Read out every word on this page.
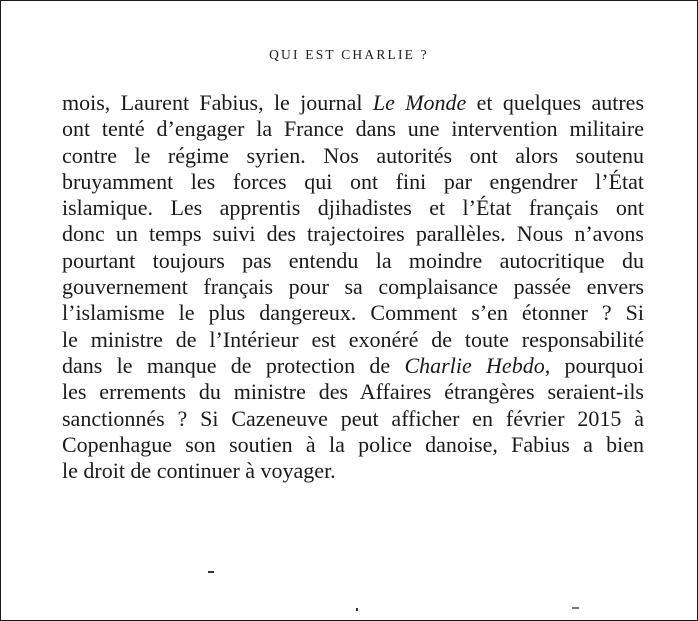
QUI EST CHARLIE ?
mois, Laurent Fabius, le journal Le Monde et quelques autres
ont tenté d’engager la France dans une intervention militaire
contre le régime syrien. Nos autorités ont alors soutenu
bruyamment les forces qui ont fini par engendrer l’État
islamique. Les apprentis djihadistes et l’État français ont
donc un temps suivi des trajectoires parallèles. Nous n’avons
pourtant toujours pas entendu la moindre autocritique du
gouvernement français pour sa complaisance passée envers
l’islamisme le plus dangereux. Comment s’en étonner ? Si
le ministre de l’Intérieur est exonéré de toute responsabilité
dans le manque de protection de Charlie Hebdo, pourquoi
les errements du ministre des Affaires étrangères seraient-ils
sanctionnés ? Si Cazeneuve peut afficher en février 2015 à
Copenhague son soutien à la police danoise, Fabius a bien
le droit de continuer à voyager.
